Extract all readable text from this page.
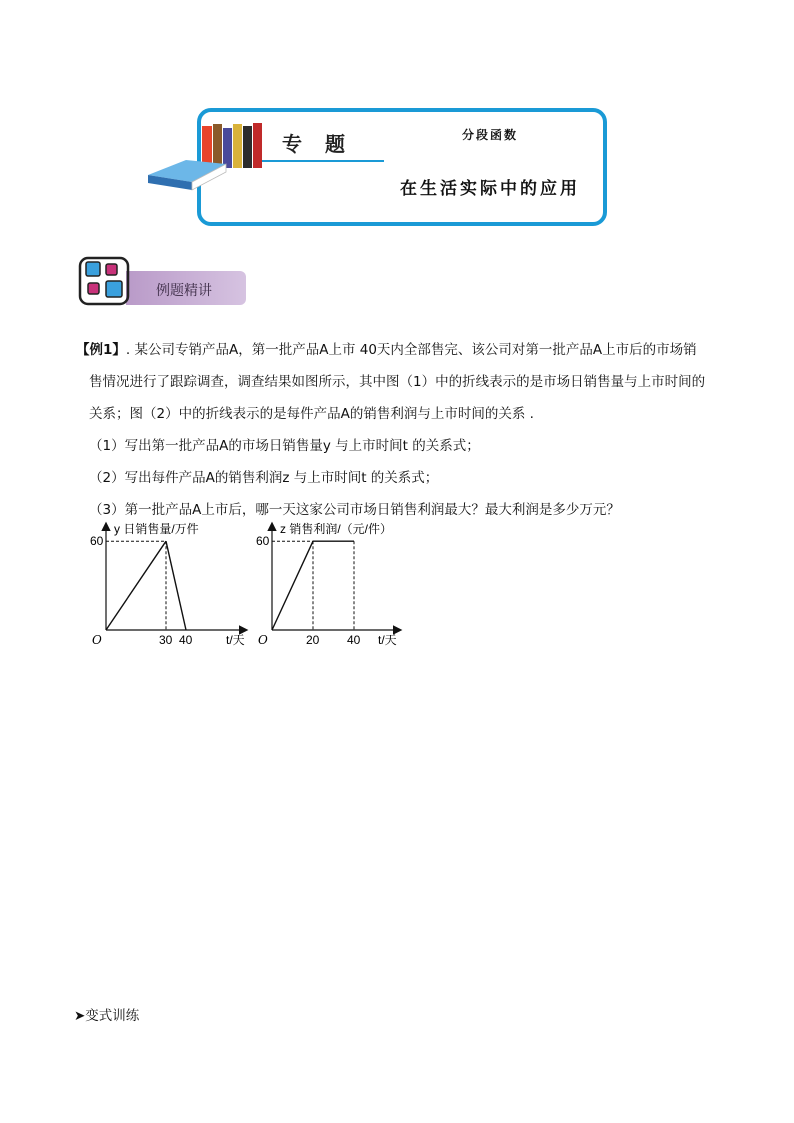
专 题	分段函数
在生活实际中的应用
例题精讲

【例1】. 某公司专销产品A，第一批产品A上市 40天内全部售完、该公司对第一批产品A上市后的市场销

售情况进行了跟踪调查，调查结果如图所示，其中图（1）中的折线表示的是市场日销售量与上市时间的

关系；图（2）中的折线表示的是每件产品A的销售利润与上市时间的关系 .

（1）写出第一批产品A的市场日销售量y 与上市时间t 的关系式；

（2）写出每件产品A的销售利润z 与上市时间t 的关系式；

（3）第一批产品A上市后，哪一天这家公司市场日销售利润最大？最大利润是多少万元？

30 40
60
y 日销售量/万件
t/天
O	20 40
60
z 销售利润/（元/件）
t/天
O
➤变式训练
